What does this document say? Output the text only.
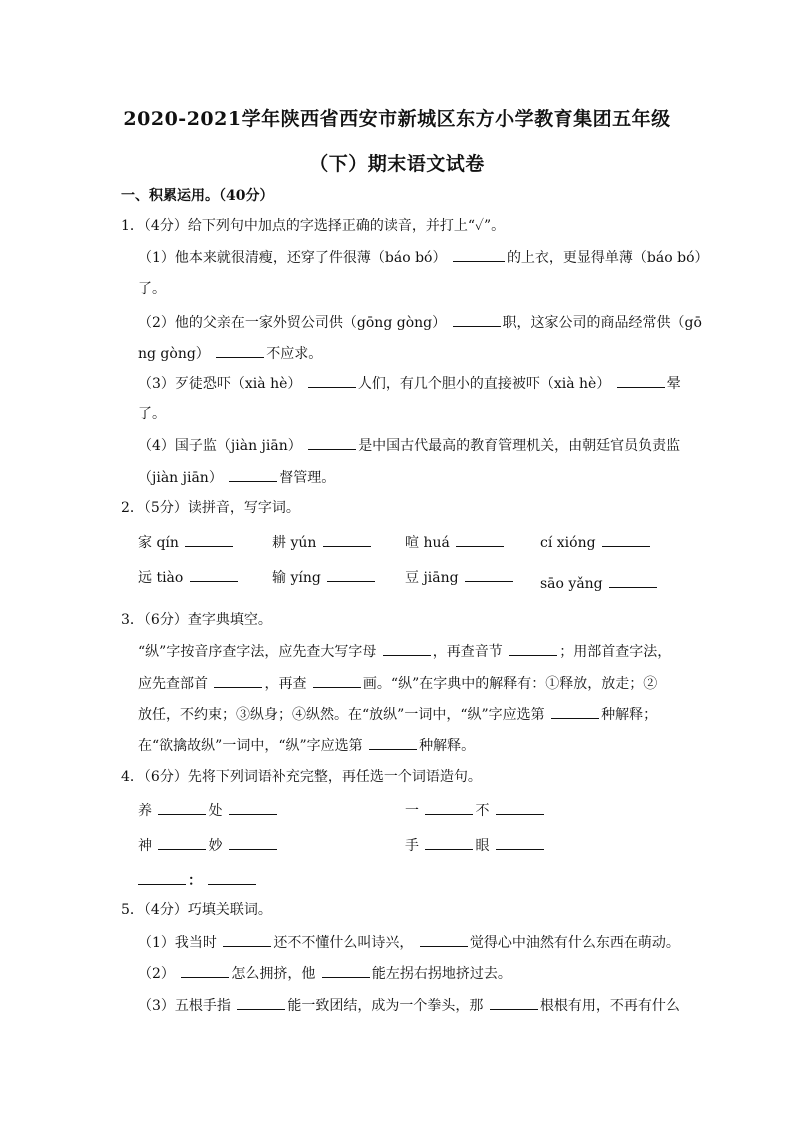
2020-2021学年陕西省西安市新城区东方小学教育集团五年级
（下）期末语文试卷
一、积累运用。（40分）
1．（4分）给下列句中加点的字选择正确的读音，并打上“✓”。
（1）他本来就很清瘦，还穿了件很薄（báo bó）	的上衣，更显得单薄（báo bó）
了。
（2）他的父亲在一家外贸公司供（gōng gòng）	职，这家公司的商品经常供（gō
ng gòng）	不应求。
（3）歹徒恐吓（xià hè）	人们，有几个胆小的直接被吓（xià hè）	晕
了。
（4）国子监（jiàn jiān）	是中国古代最高的教育管理机关，由朝廷官员负责监
（jiàn jiān）	督管理。
2．（5分）读拼音，写字词。
家 qín	耕 yún	喧 huá	cí xióng
远 tiào	输 yíng	豆 jiāng	sāo yǎng
3．（6分）查字典填空。
“纵”字按音序查字法，应先查大写字母	，再查音节	；用部首查字法，
应先查部首	，再查	画。“纵”在字典中的解释有：①释放，放走；②
放任，不约束；③纵身；④纵然。在“放纵”一词中，“纵”字应选第	种解释；
在“欲擒故纵”一词中，“纵”字应选第	种解释。
4．（6分）先将下列词语补充完整，再任选一个词语造句。
养	处	一	不
神	妙	手	眼
：
5．（4分）巧填关联词。
（1）我当时	还不不懂什么叫诗兴，	觉得心中油然有什么东西在萌动。
（2）	怎么拥挤，他	能左拐右拐地挤过去。
（3）五根手指	能一致团结，成为一个拳头，那	根根有用，不再有什么
